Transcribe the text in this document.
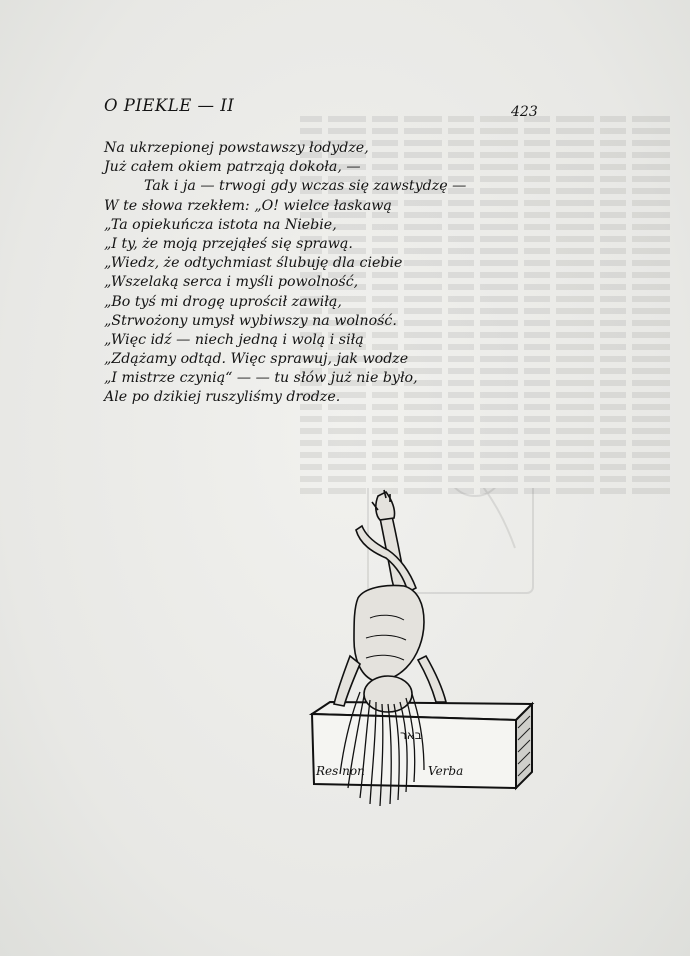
O PIEKLE — II	423
Na ukrzepionej powstawszy łodydze,
Już całem okiem patrzają dokoła, —
Tak i ja — trwogi gdy wczas się zawstydzę —
W te słowa rzekłem: „O! wielce łaskawą
„Ta opiekuńcza istota na Niebie,
„I ty, że moją przejąłeś się sprawą.
„Wiedz, że odtychmiast ślubuję dla ciebie
„Wszelaką serca i myśli powolność,
„Bo tyś mi drogę uprościł zawiłą,
„Strwożony umysł wybiwszy na wolność.
„Więc idź — niech jedną i wolą i siłą
„Zdążamy odtąd. Więc sprawuj, jak wodze
„I mistrze czynią“ — — tu słów już nie było,
Ale po dzikiej ruszyliśmy drodze.
באר
Res non	Verba
